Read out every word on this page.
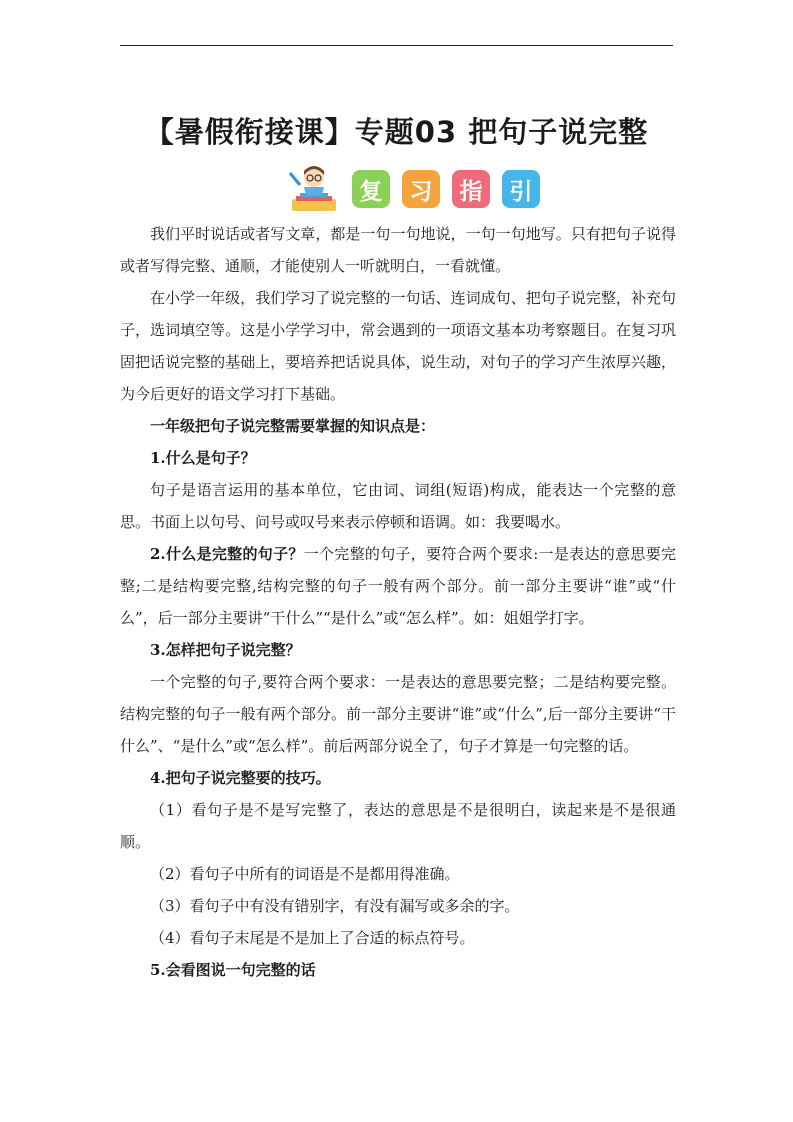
【暑假衔接课】专题03 把句子说完整
复 习 指 引

我们平时说话或者写文章，都是一句一句地说，一句一句地写。只有把句子说得或者写得完整、通顺，才能使别人一听就明白，一看就懂。

在小学一年级，我们学习了说完整的一句话、连词成句、把句子说完整，补充句子，选词填空等。这是小学学习中，常会遇到的一项语文基本功考察题目。在复习巩固把话说完整的基础上，要培养把话说具体，说生动，对句子的学习产生浓厚兴趣，为今后更好的语文学习打下基础。

一年级把句子说完整需要掌握的知识点是：

1.什么是句子？

句子是语言运用的基本单位，它由词、词组(短语)构成，能表达一个完整的意思。书面上以句号、问号或叹号来表示停顿和语调。如：我要喝水。

2.什么是完整的句子？一个完整的句子，要符合两个要求:一是表达的意思要完整;二是结构要完整,结构完整的句子一般有两个部分。前一部分主要讲“谁”或“什么”，后一部分主要讲“干什么”“是什么”或“怎么样”。如：姐姐学打字。

3.怎样把句子说完整？

一个完整的句子,要符合两个要求：一是表达的意思要完整；二是结构要完整。结构完整的句子一般有两个部分。前一部分主要讲“谁”或“什么”,后一部分主要讲“干什么”、“是什么”或“怎么样”。前后两部分说全了，句子才算是一句完整的话。

4.把句子说完整要的技巧。

（1）看句子是不是写完整了，表达的意思是不是很明白，读起来是不是很通顺。

（2）看句子中所有的词语是不是都用得准确。

（3）看句子中有没有错别字，有没有漏写或多余的字。

（4）看句子末尾是不是加上了合适的标点符号。

5.会看图说一句完整的话
